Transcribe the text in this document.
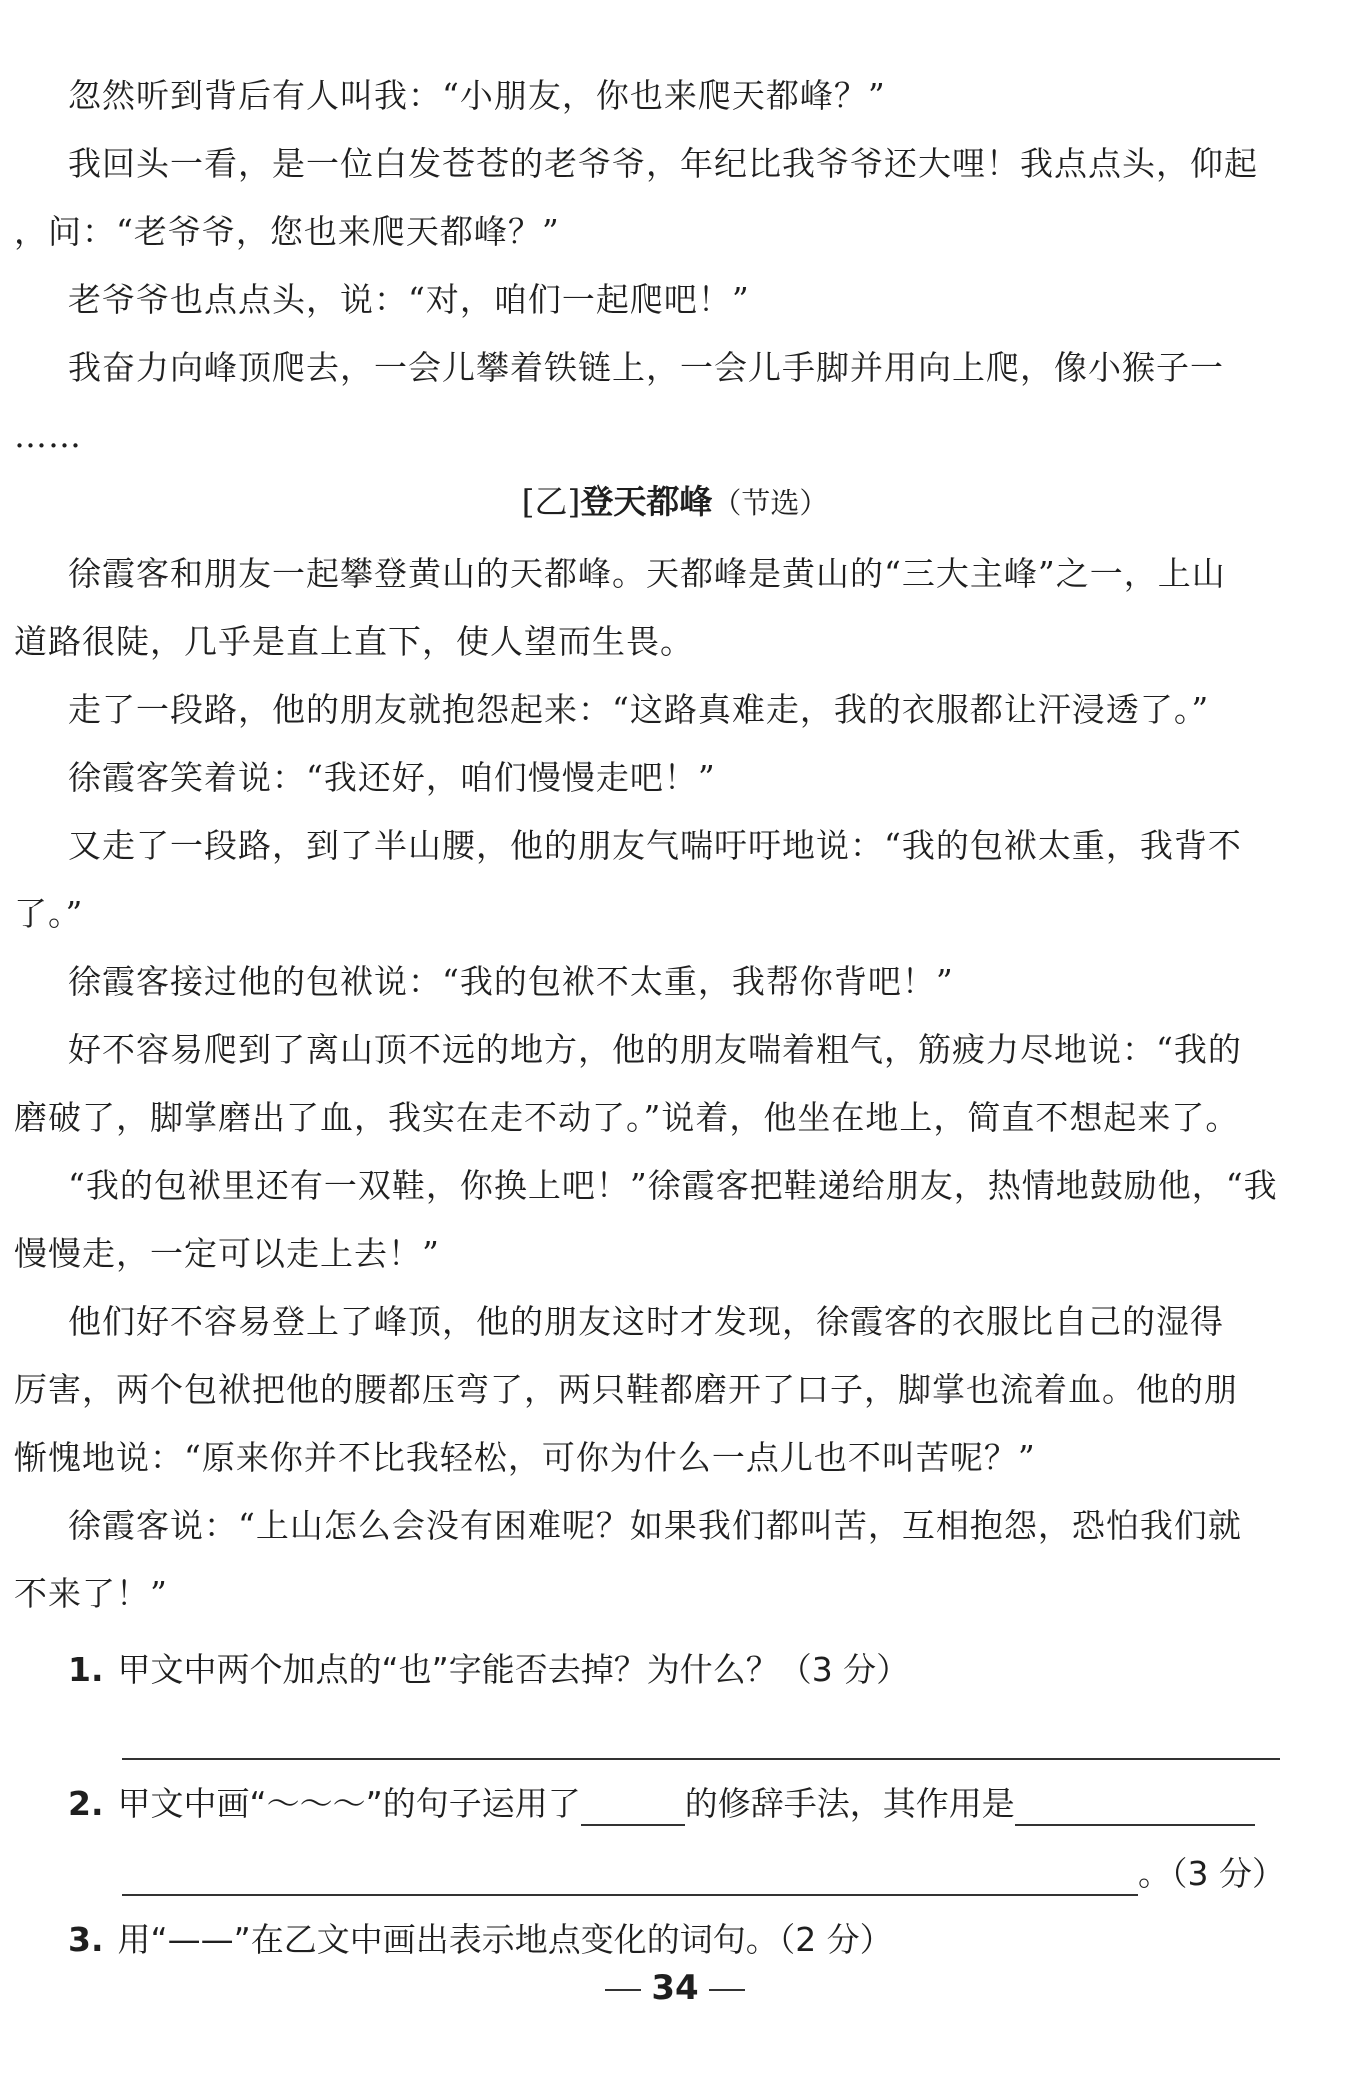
忽然听到背后有人叫我：“小朋友，你也来爬天都峰？”
我回头一看，是一位白发苍苍的老爷爷，年纪比我爷爷还大哩！我点点头，仰起
，问：“老爷爷，您也来爬天都峰？”
老爷爷也点点头，说：“对，咱们一起爬吧！”
我奋力向峰顶爬去，一会儿攀着铁链上，一会儿手脚并用向上爬，像小猴子一
……
[乙]登天都峰（节选）
徐霞客和朋友一起攀登黄山的天都峰。天都峰是黄山的“三大主峰”之一，上山
道路很陡，几乎是直上直下，使人望而生畏。
走了一段路，他的朋友就抱怨起来：“这路真难走，我的衣服都让汗浸透了。”
徐霞客笑着说：“我还好，咱们慢慢走吧！”
又走了一段路，到了半山腰，他的朋友气喘吁吁地说：“我的包袱太重，我背不
了。”
徐霞客接过他的包袱说：“我的包袱不太重，我帮你背吧！”
好不容易爬到了离山顶不远的地方，他的朋友喘着粗气，筋疲力尽地说：“我的
磨破了，脚掌磨出了血，我实在走不动了。”说着，他坐在地上，简直不想起来了。
“我的包袱里还有一双鞋，你换上吧！”徐霞客把鞋递给朋友，热情地鼓励他，“我
慢慢走，一定可以走上去！”
他们好不容易登上了峰顶，他的朋友这时才发现，徐霞客的衣服比自己的湿得
厉害，两个包袱把他的腰都压弯了，两只鞋都磨开了口子，脚掌也流着血。他的朋
惭愧地说：“原来你并不比我轻松，可你为什么一点儿也不叫苦呢？”
徐霞客说：“上山怎么会没有困难呢？如果我们都叫苦，互相抱怨，恐怕我们就
不来了！”
1. 甲文中两个加点的“也”字能否去掉？为什么？（3 分）
2. 甲文中画“～～～”的句子运用了	的修辞手法，其作用是
。（3 分）
3. 用“——”在乙文中画出表示地点变化的词句。（2 分）
34
